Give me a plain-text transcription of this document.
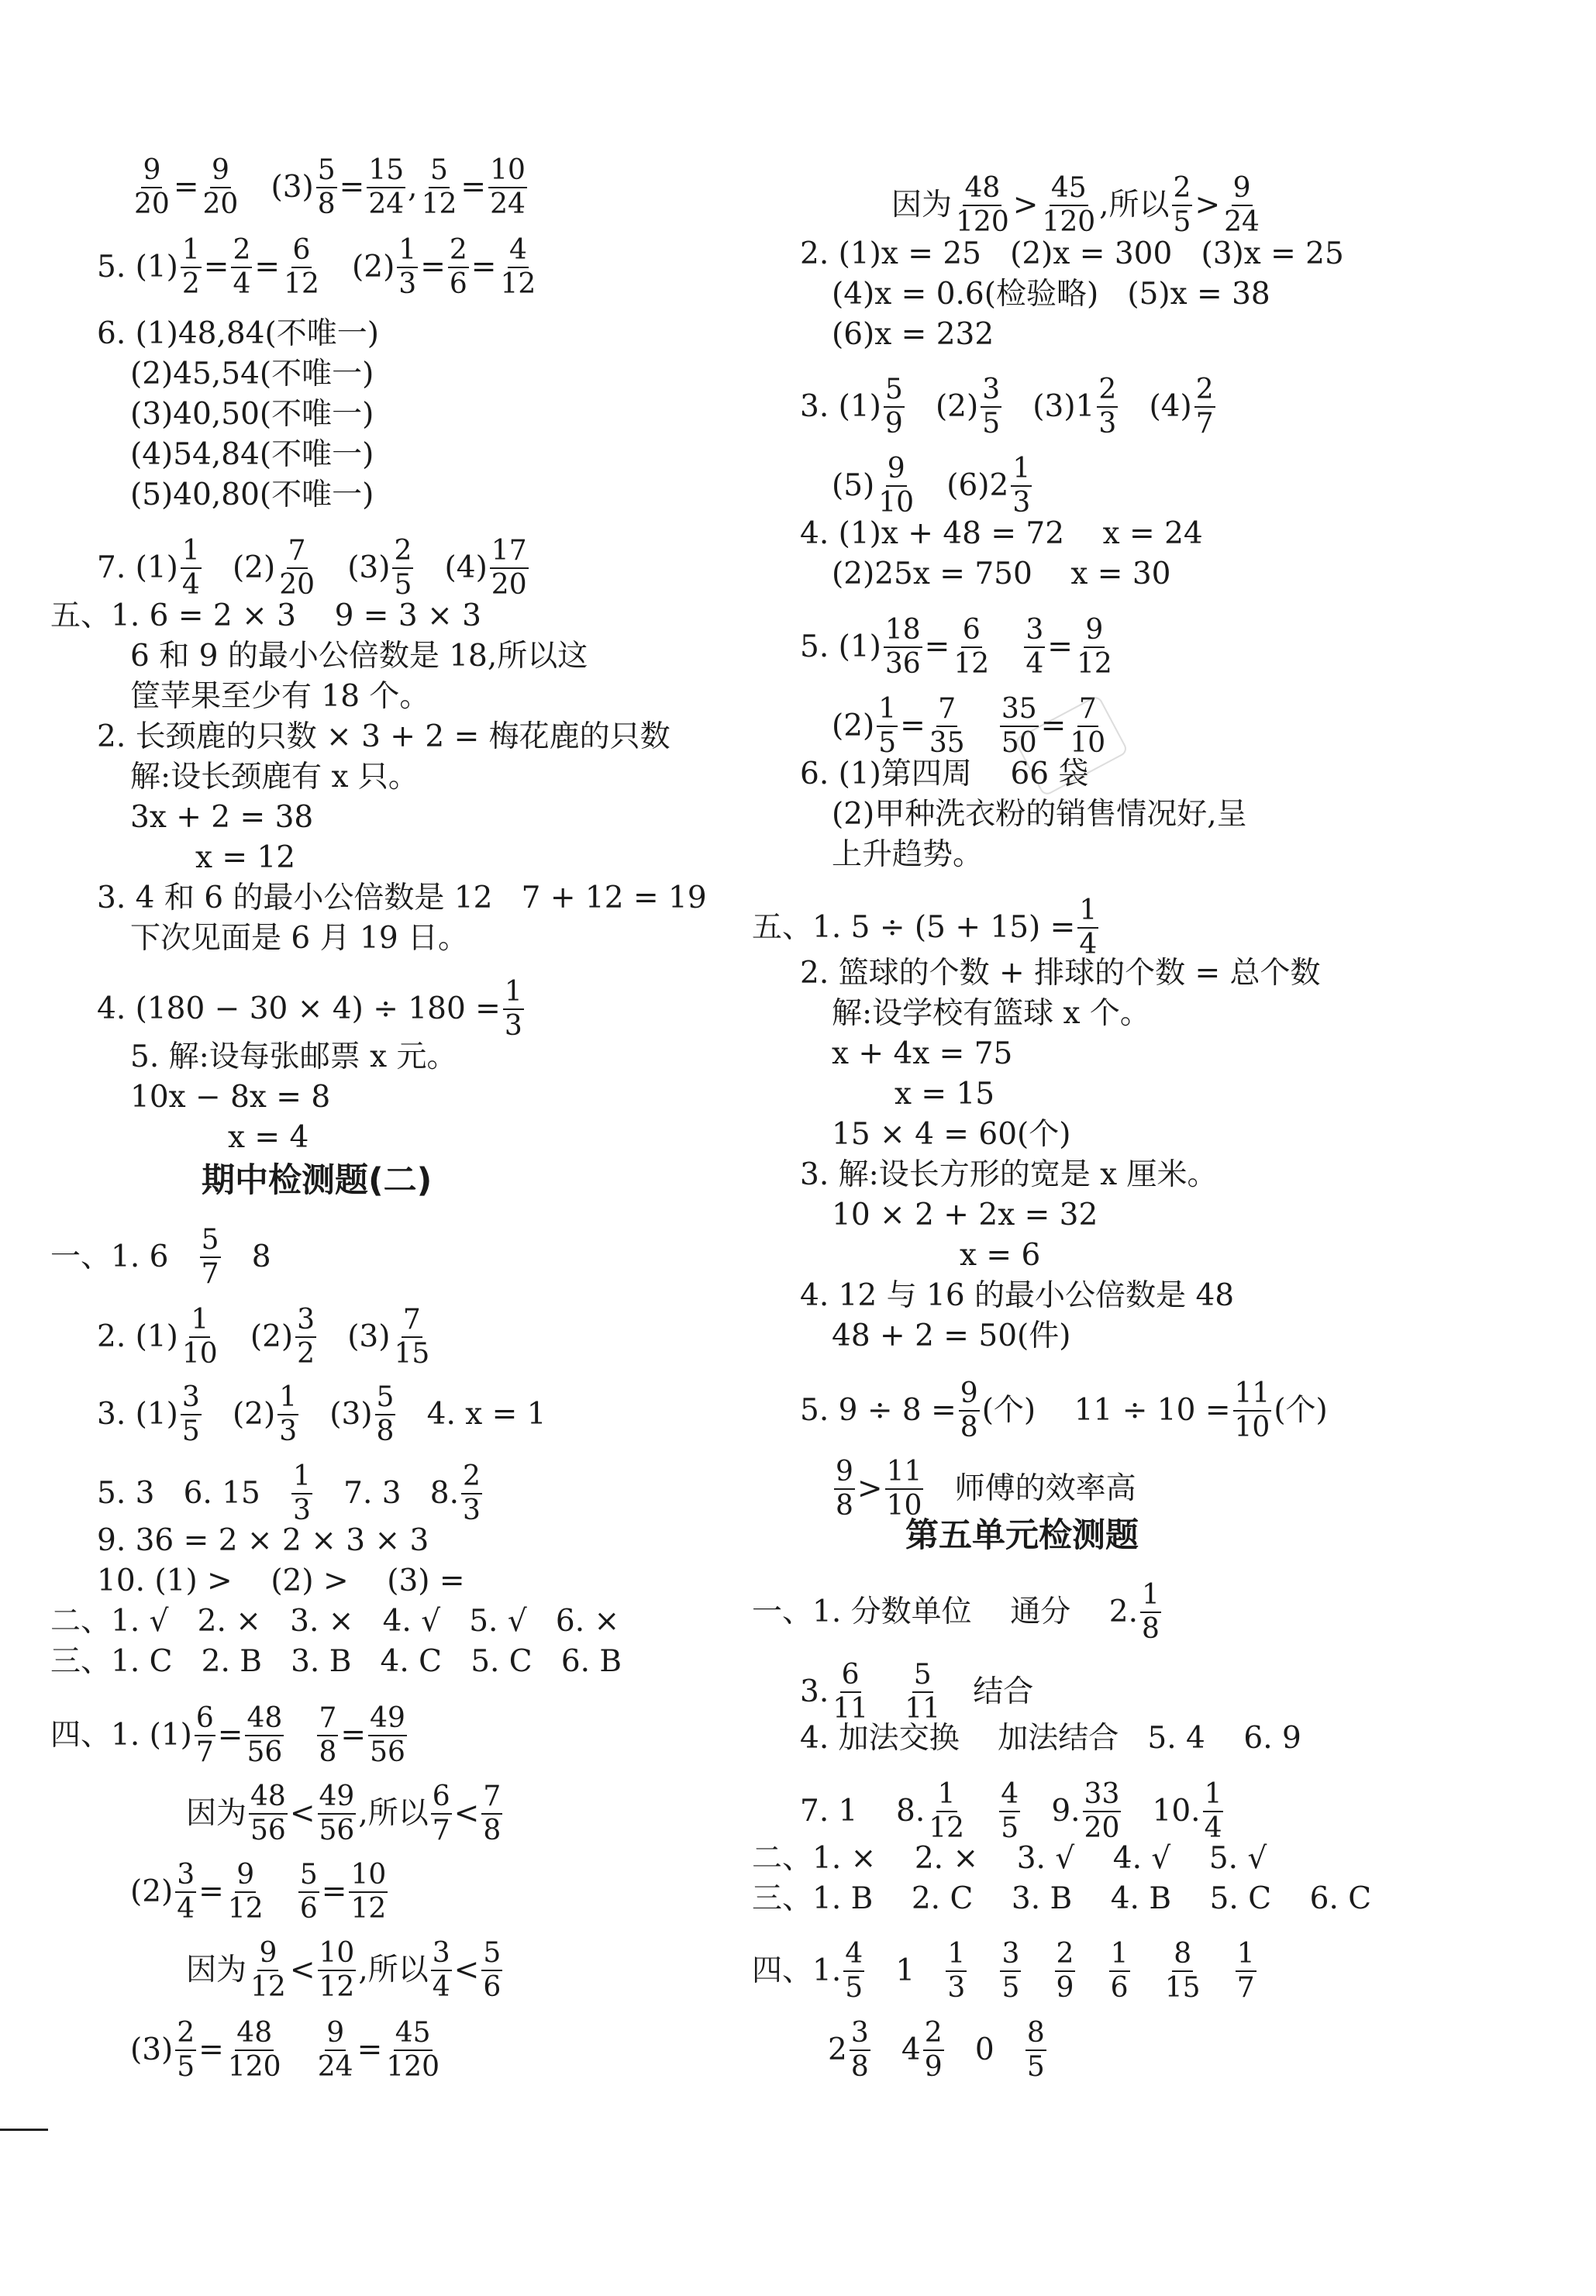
$\frac{9}{20} = \frac{9}{20} (3) \frac{5}{8} = \frac{15}{24}$ , $\frac{5}{12} = \frac{10}{24}$
5. $(1) \frac{1}{2} = \frac{2}{4} = \frac{6}{12} (2) \frac{1}{3} = \frac{2}{6} = \frac{4}{12}$
6. (1)48,84(不唯一)
(2)45,54(不唯一)
(3)40,50(不唯一)
(4)54,84(不唯一)
(5)40,80(不唯一)
7. $(1) \frac{1}{4} (2) \frac{7}{20} (3) \frac{2}{5} (4) \frac{17}{20}$
五、1. 6 = 2 × 3    9 = 3 × 3
6 和 9 的最小公倍数是 18,所以这
筐苹果至少有 18 个。
2. 长颈鹿的只数 × 3 + 2 = 梅花鹿的只数
解:设长颈鹿有 x 只。
3x + 2 = 38
x = 12
3. 4 和 6 的最小公倍数是 12   7 + 12 = 19
下次见面是 6 月 19 日。
4. $(180 - 30 \times 4) \div 180 = \frac{1}{3}$
5. 解:设每张邮票 x 元。
10x − 8x = 8
x = 4
一、1. $6 \frac{5}{7} 8$
2. $(1) \frac{1}{10} (2) \frac{3}{2} (3) \frac{7}{15}$
3. $(1) \frac{3}{5} (2) \frac{1}{3} (3) \frac{5}{8} 4$. x = 1
5. 3   6. $15 \frac{1}{3} 7$. 3   8. $\frac{2}{3}$
9. 36 = 2 × 2 × 3 × 3
10. (1) >    (2) >    (3) =
二、1. √   2. ×   3. ×   4. √   5. √   6. ×
三、1. C   2. B   3. B   4. C   5. C   6. B
四、1. $(1) \frac{6}{7} = \frac{48}{56}$
$\frac{7}{8} = \frac{49}{56}$
因为 $\frac{48}{56} < \frac{49}{56}$ ,所以 $\frac{6}{7} < \frac{7}{8}$
$(2) \frac{3}{4} = \frac{9}{12}$
$\frac{5}{6} = \frac{10}{12}$
因为 $\frac{9}{12} < \frac{10}{12}$ ,所以 $\frac{3}{4} < \frac{5}{6}$
$(3) \frac{2}{5} = \frac{48}{120}$
$\frac{9}{24} = \frac{45}{120}$
因为 $\frac{48}{120} > \frac{45}{120}$ ,所以 $\frac{2}{5} > \frac{9}{24}$
2. (1)x = 25   (2)x = 300   (3)x = 25
(4)x = 0.6(检验略)   (5)x = 38
(6)x = 232
3. $(1) \frac{5}{9} (2) \frac{3}{5} (3)1 \frac{2}{3} (4) \frac{2}{7}$
$(5) \frac{9}{10} (6)2 \frac{1}{3}$
4. (1)x + 48 = 72    x = 24
(2)25x = 750    x = 30
5. $(1) \frac{18}{36} = \frac{6}{12}$
$\frac{3}{4} = \frac{9}{12}$
$(2) \frac{1}{5} = \frac{7}{35}$
$\frac{35}{50} = \frac{7}{10}$
6. (1)第四周    66 袋
(2)甲种洗衣粉的销售情况好,呈
上升趋势。
五、1. $5 \div (5 + 15) = \frac{1}{4}$
2. 篮球的个数 + 排球的个数 = 总个数
解:设学校有篮球 x 个。
x + 4x = 75
x = 15
15 × 4 = 60(个)
3. 解:设长方形的宽是 x 厘米。
10 × 2 + 2x = 32
x = 6
4. 12 与 16 的最小公倍数是 48
48 + 2 = 50(件)
5. $9 \div 8 = \frac{9}{8}$ (个)    $11 \div 10 = \frac{11}{10}$ (个)
$\frac{9}{8} > \frac{11}{10}$ 师傅的效率高
一、1. 分数单位    通分    2. $\frac{1}{8}$
3. $\frac{6}{11}$
$\frac{5}{11}$ 结合
4. 加法交换    加法结合   5. 4    6. 9
7. 1    8. $\frac{1}{12}$
$\frac{4}{5} 9$. $\frac{33}{20} 10$. $\frac{1}{4}$
二、1. ×    2. ×    3. √    4. √    5. √
三、1. B    2. C    3. B    4. B    5. C    6. C
四、1. $\frac{4}{5} 1 \frac{1}{3}$
$\frac{3}{5}$
$\frac{2}{9}$
$\frac{1}{6}$
$\frac{8}{15}$
$\frac{1}{7}$
$2 \frac{3}{8} 4 \frac{2}{9} 0 \frac{8}{5}$
期中检测题(二)
第五单元检测题
